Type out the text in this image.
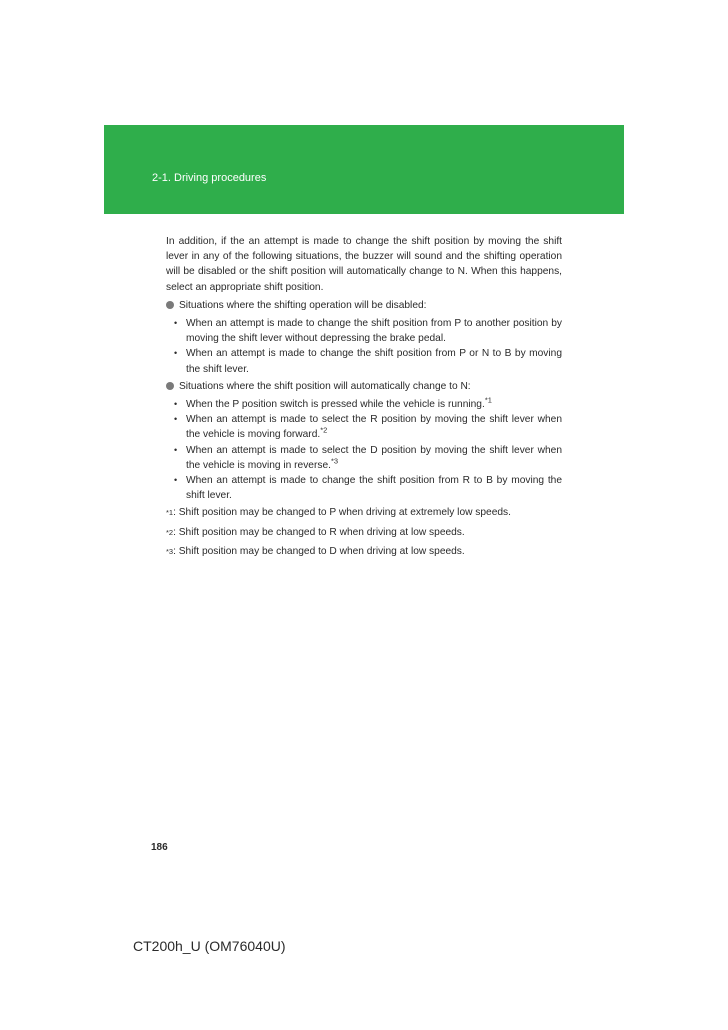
2-1. Driving procedures

In addition, if the an attempt is made to change the shift position by moving the shift lever in any of the following situations, the buzzer will sound and the shifting operation will be disabled or the shift position will automatically change to N. When this happens, select an appropriate shift position.

Situations where the shifting operation will be disabled:
• When an attempt is made to change the shift position from P to another position by moving the shift lever without depressing the brake pedal.
• When an attempt is made to change the shift position from P or N to B by moving the shift lever.
Situations where the shift position will automatically change to N:
• When the P position switch is pressed while the vehicle is running.$^{*1}$
• When an attempt is made to select the R position by moving the shift lever when the vehicle is moving forward.$^{*2}$
• When an attempt is made to select the D position by moving the shift lever when the vehicle is moving in reverse.$^{*3}$
• When an attempt is made to change the shift position from R to B by moving the shift lever.
*1 : Shift position may be changed to P when driving at extremely low speeds.
*2 : Shift position may be changed to R when driving at low speeds.
*3 : Shift position may be changed to D when driving at low speeds.
186
CT200h_U (OM76040U)
